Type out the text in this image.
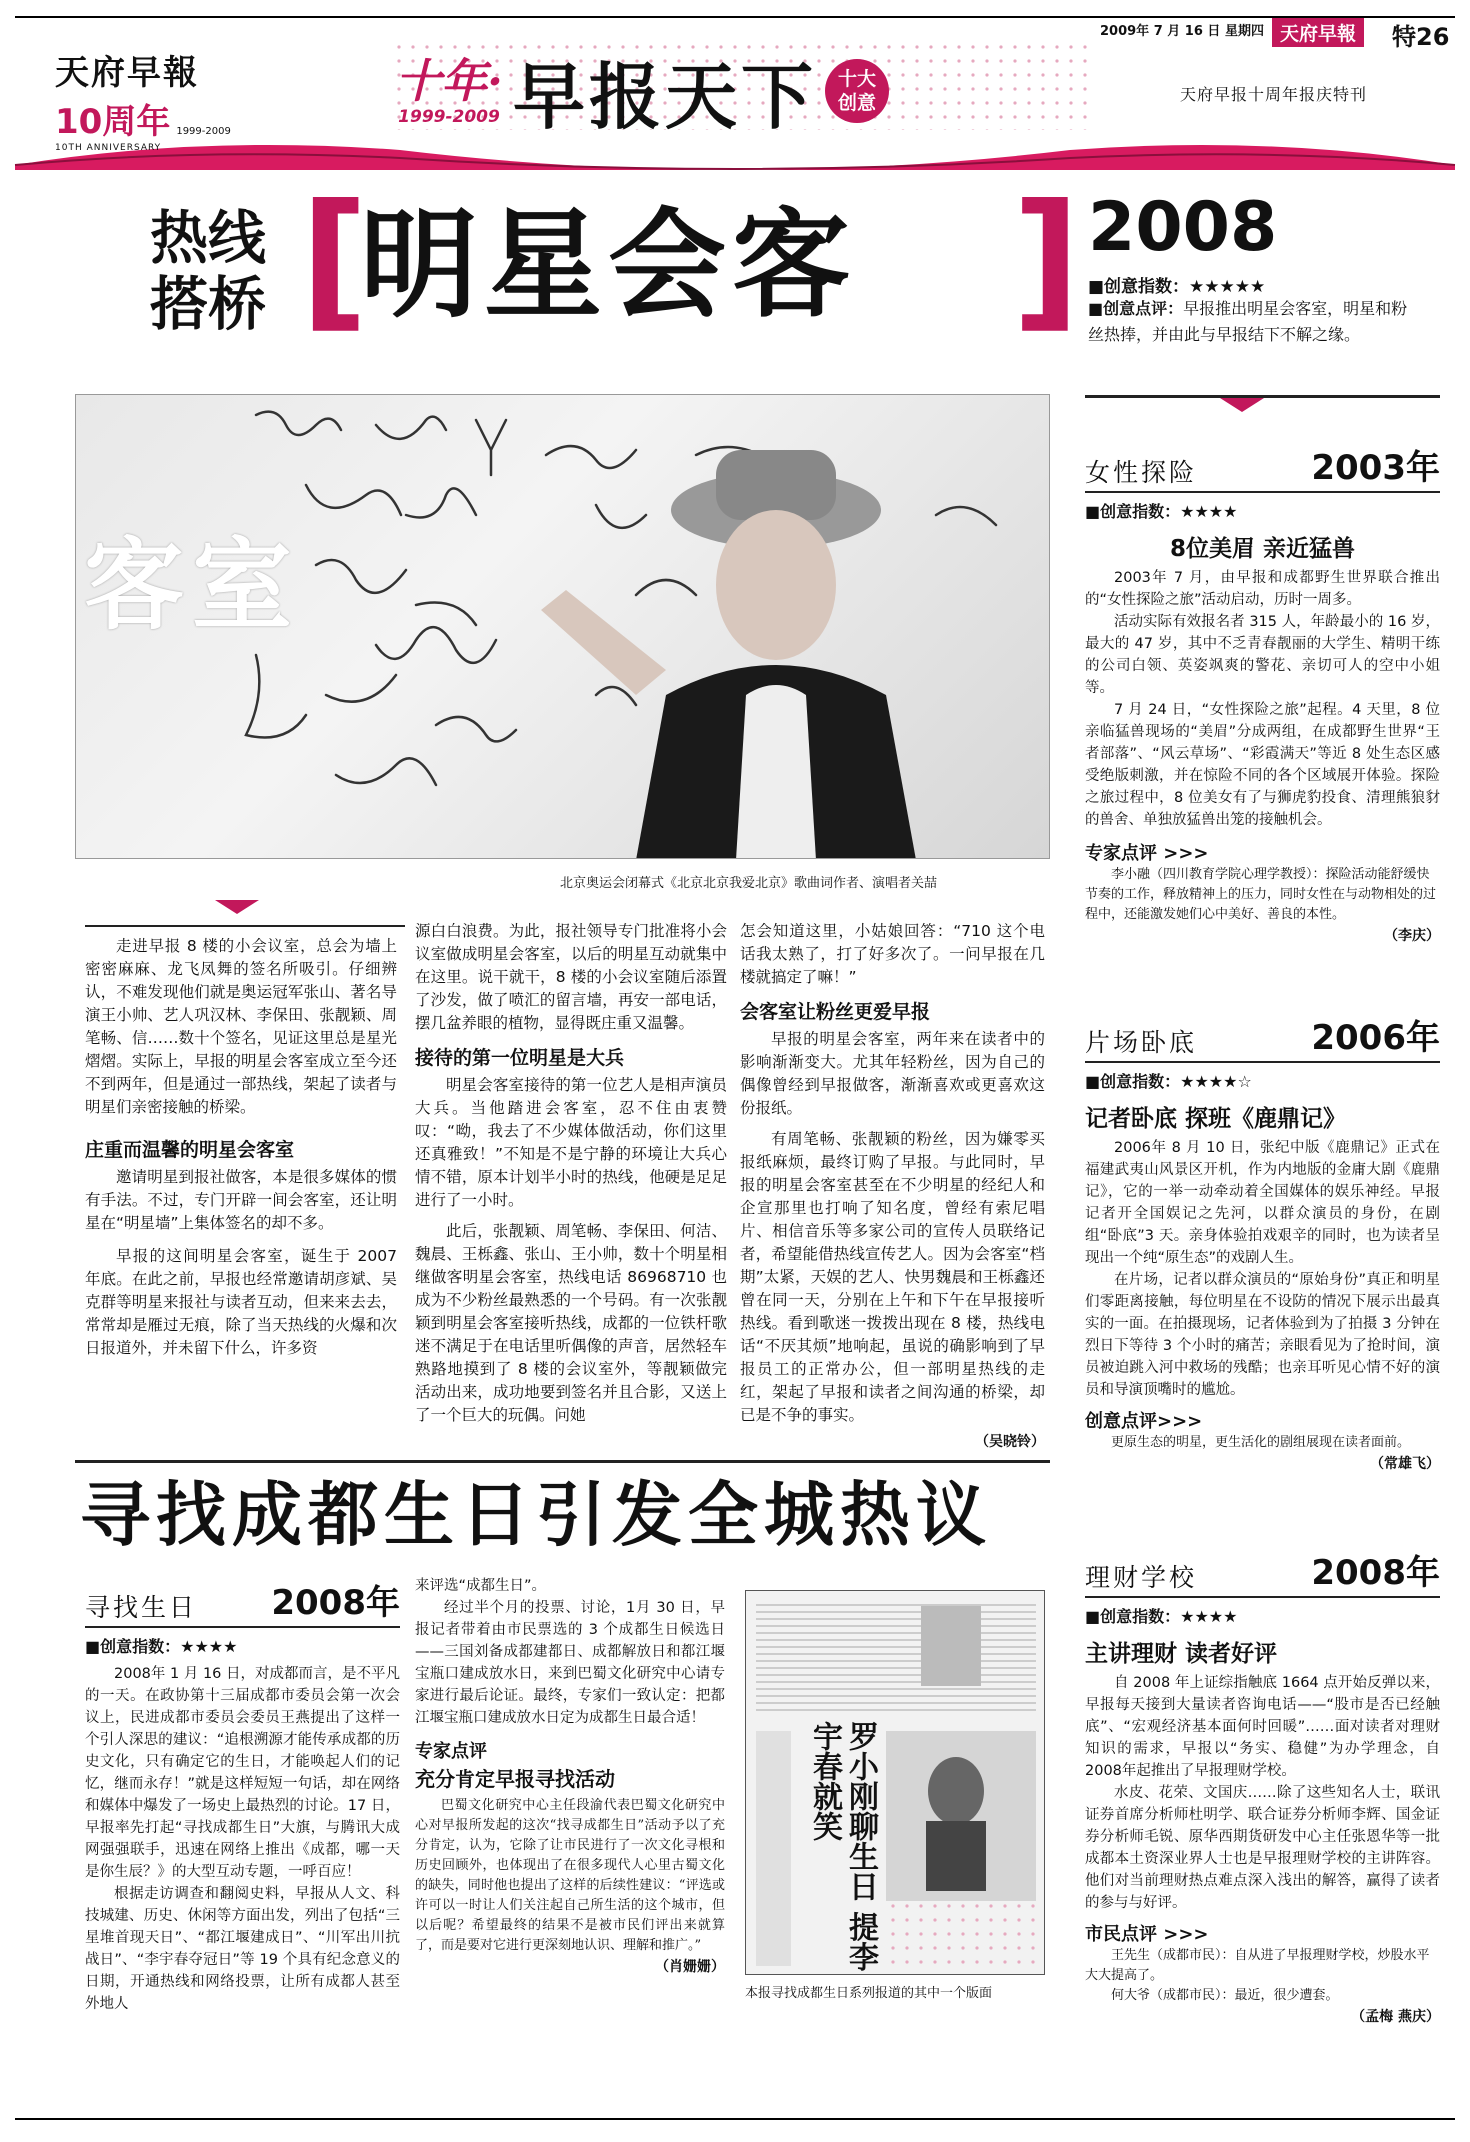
2009年 7 月 16 日 星期四 天府早報	特26
天府早報
10周年 1999-2009
10TH ANNIVERSARY
十年·
1999-2009 早报天下	十大创意	天府早报十周年报庆特刊
热线
搭桥 [
明星会客 ] 2008
■创意指数：★★★★★
■创意点评：早报推出明星会客室，明星和粉丝热捧，并由此与早报结下不解之缘。
客室
北京奥运会闭幕式《北京北京我爱北京》歌曲词作者、演唱者关喆

走进早报 8 楼的小会议室，总会为墙上密密麻麻、龙飞凤舞的签名所吸引。仔细辨认，不难发现他们就是奥运冠军张山、著名导演王小帅、艺人巩汉林、李保田、张靓颖、周笔畅、信……数十个签名，见证这里总是星光熠熠。实际上，早报的明星会客室成立至今还不到两年，但是通过一部热线，架起了读者与明星们亲密接触的桥梁。

庄重而温馨的明星会客室

邀请明星到报社做客，本是很多媒体的惯有手法。不过，专门开辟一间会客室，还让明星在“明星墙”上集体签名的却不多。

早报的这间明星会客室，诞生于 2007 年底。在此之前，早报也经常邀请胡彦斌、吴克群等明星来报社与读者互动，但来来去去，常常却是雁过无痕，除了当天热线的火爆和次日报道外，并未留下什么，许多资

源白白浪费。为此，报社领导专门批准将小会议室做成明星会客室，以后的明星互动就集中在这里。说干就干，8 楼的小会议室随后添置了沙发，做了喷汇的留言墙，再安一部电话，摆几盆养眼的植物，显得既庄重又温馨。

接待的第一位明星是大兵

明星会客室接待的第一位艺人是相声演员大兵。当他踏进会客室，忍不住由衷赞叹：“呦，我去了不少媒体做活动，你们这里还真雅致！”不知是不是宁静的环境让大兵心情不错，原本计划半小时的热线，他硬是足足进行了一小时。

此后，张靓颖、周笔畅、李保田、何洁、魏晨、王栎鑫、张山、王小帅，数十个明星相继做客明星会客室，热线电话 86968710 也成为不少粉丝最熟悉的一个号码。有一次张靓颖到明星会客室接听热线，成都的一位铁杆歌迷不满足于在电话里听偶像的声音，居然轻车熟路地摸到了 8 楼的会议室外，等靓颖做完活动出来，成功地要到签名并且合影，又送上了一个巨大的玩偶。问她

怎会知道这里，小姑娘回答：“710 这个电话我太熟了，打了好多次了。一问早报在几楼就搞定了嘛！”

会客室让粉丝更爱早报

早报的明星会客室，两年来在读者中的影响渐渐变大。尤其年轻粉丝，因为自己的偶像曾经到早报做客，渐渐喜欢或更喜欢这份报纸。

有周笔畅、张靓颖的粉丝，因为嫌零买报纸麻烦，最终订购了早报。与此同时，早报的明星会客室甚至在不少明星的经纪人和企宣那里也打响了知名度，曾经有索尼唱片、相信音乐等多家公司的宣传人员联络记者，希望能借热线宣传艺人。因为会客室“档期”太紧，天娱的艺人、快男魏晨和王栎鑫还曾在同一天，分别在上午和下午在早报接听热线。看到歌迷一拨拨出现在 8 楼，热线电话“不厌其烦”地响起，虽说的确影响到了早报员工的正常办公，但一部明星热线的走红，架起了早报和读者之间沟通的桥梁，却已是不争的事实。

（吴晓铃）
女性探险	2003年
■创意指数：★★★★
8位美眉 亲近猛兽

2003年 7 月，由早报和成都野生世界联合推出的“女性探险之旅”活动启动，历时一周多。

活动实际有效报名者 315 人，年龄最小的 16 岁，最大的 47 岁，其中不乏青春靓丽的大学生、精明干练的公司白领、英姿飒爽的警花、亲切可人的空中小姐等。

7 月 24 日，“女性探险之旅”起程。4 天里，8 位亲临猛兽现场的“美眉”分成两组，在成都野生世界“王者部落”、“风云草场”、“彩霞满天”等近 8 处生态区感受绝版刺激，并在惊险不同的各个区域展开体验。探险之旅过程中，8 位美女有了与狮虎豹投食、清理熊狼豺的兽舍、单独放猛兽出笼的接触机会。

专家点评 >>>
李小融（四川教育学院心理学教授）：探险活动能舒缓快节奏的工作，释放精神上的压力，同时女性在与动物相处的过程中，还能激发她们心中美好、善良的本性。
（李庆）
片场卧底	2006年
■创意指数：★★★★☆
记者卧底 探班《鹿鼎记》

2006年 8 月 10 日，张纪中版《鹿鼎记》正式在福建武夷山风景区开机，作为内地版的金庸大剧《鹿鼎记》，它的一举一动牵动着全国媒体的娱乐神经。早报记者开全国娱记之先河，以群众演员的身份，在剧组“卧底”3 天。亲身体验拍戏艰辛的同时，也为读者呈现出一个纯“原生态”的戏剧人生。

在片场，记者以群众演员的“原始身份”真正和明星们零距离接触，每位明星在不设防的情况下展示出最真实的一面。在拍摄现场，记者体验到为了拍摄 3 分钟在烈日下等待 3 个小时的痛苦；亲眼看见为了抢时间，演员被迫跳入河中救场的残酷；也亲耳听见心情不好的演员和导演顶嘴时的尴尬。

创意点评>>>
更原生态的明星，更生活化的剧组展现在读者面前。
（常雄飞）
理财学校	2008年
■创意指数：★★★★
主讲理财 读者好评

自 2008 年上证综指触底 1664 点开始反弹以来，早报每天接到大量读者咨询电话——“股市是否已经触底”、“宏观经济基本面何时回暖”……面对读者对理财知识的需求，早报以“务实、稳健”为办学理念，自 2008年起推出了早报理财学校。

水皮、花荣、文国庆……除了这些知名人士，联讯证券首席分析师杜明学、联合证券分析师李辉、国金证券分析师毛锐、原华西期货研发中心主任张恩华等一批成都本土资深业界人士也是早报理财学校的主讲阵容。他们对当前理财热点难点深入浅出的解答，赢得了读者的参与与好评。

市民点评 >>>
王先生（成都市民）：自从进了早报理财学校，炒股水平大大提高了。
何大爷（成都市民）：最近，很少遭套。
（孟梅 燕庆）
寻找成都生日引发全城热议
寻找生日 2008年
■创意指数：★★★★

2008年 1 月 16 日，对成都而言，是不平凡的一天。在政协第十三届成都市委员会第一次会议上，民进成都市委员会委员王燕提出了这样一个引人深思的建议：“追根溯源才能传承成都的历史文化，只有确定它的生日，才能唤起人们的记忆，继而永存！”就是这样短短一句话，却在网络和媒体中爆发了一场史上最热烈的讨论。17 日，早报率先打起“寻找成都生日”大旗，与腾讯大成网强强联手，迅速在网络上推出《成都，哪一天是你生辰？》的大型互动专题，一呼百应！

根据走访调查和翻阅史料，早报从人文、科技城建、历史、休闲等方面出发，列出了包括“三星堆首现天日”、“都江堰建成日”、“川军出川抗战日”、“李宇春夺冠日”等 19 个具有纪念意义的日期，开通热线和网络投票，让所有成都人甚至外地人

来评选“成都生日”。

经过半个月的投票、讨论，1月 30 日，早报记者带着由市民票选的 3 个成都生日候选日——三国刘备成都建都日、成都解放日和都江堰宝瓶口建成放水日，来到巴蜀文化研究中心请专家进行最后论证。最终，专家们一致认定：把都江堰宝瓶口建成放水日定为成都生日最合适！

专家点评
充分肯定早报寻找活动
巴蜀文化研究中心主任段渝代表巴蜀文化研究中心对早报所发起的这次“找寻成都生日”活动予以了充分肯定，认为，它除了让市民进行了一次文化寻根和历史回顾外，也体现出了在很多现代人心里古蜀文化的缺失，同时他也提出了这样的后续性建议：“评选或许可以一时让人们关注起自己所生活的这个城市，但以后呢？希望最终的结果不是被市民们评出来就算了，而是要对它进行更深刻地认识、理解和推广。”
（肖姗姗）	罗小刚聊生日 提李宇春就笑
本报寻找成都生日系列报道的其中一个版面
